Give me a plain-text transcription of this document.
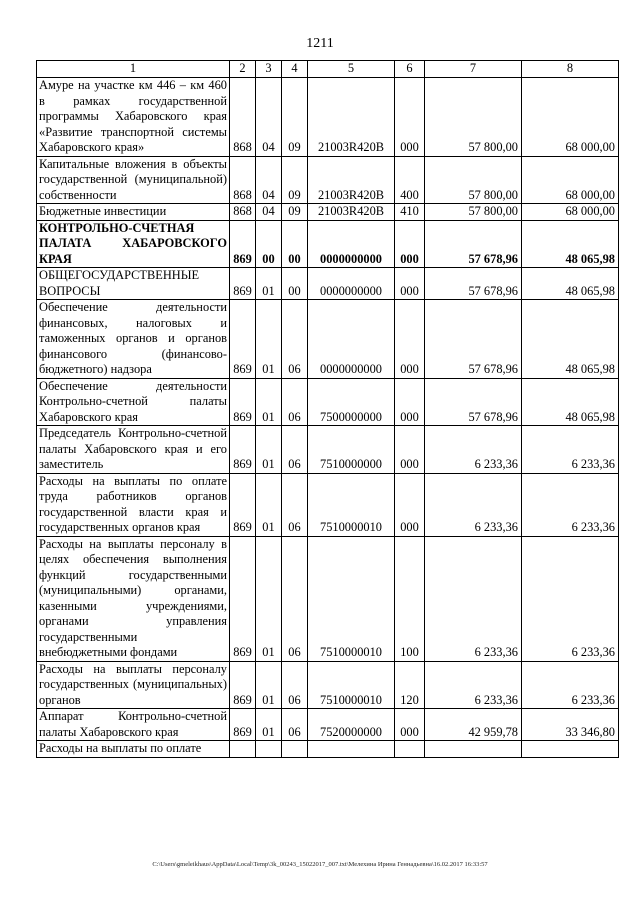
1211
1	2	3	4	5	6	7	8
Амуре на участке км 446 – км 460 в рамках государственной программы Хабаровского края «Развитие транспортной системы Хабаровского края»	868	04	09	21003R420B	000	57 800,00	68 000,00
Капитальные вложения в объекты государственной (муниципальной) собственности	868	04	09	21003R420B	400	57 800,00	68 000,00
Бюджетные инвестиции	868	04	09	21003R420B	410	57 800,00	68 000,00
КОНТРОЛЬНО-СЧЕТНАЯ ПАЛАТА ХАБАРОВСКОГО КРАЯ	869	00	00	0000000000	000	57 678,96	48 065,98
ОБЩЕГОСУДАРСТВЕННЫЕ ВОПРОСЫ	869	01	00	0000000000	000	57 678,96	48 065,98
Обеспечение деятельности финансовых, налоговых и таможенных органов и органов финансового (финансово-бюджетного) надзора	869	01	06	0000000000	000	57 678,96	48 065,98
Обеспечение деятельности Контрольно-счетной палаты Хабаровского края	869	01	06	7500000000	000	57 678,96	48 065,98
Председатель Контрольно-счетной палаты Хабаровского края и его заместитель	869	01	06	7510000000	000	6 233,36	6 233,36
Расходы на выплаты по оплате труда работников органов государственной власти края и государственных органов края	869	01	06	7510000010	000	6 233,36	6 233,36
Расходы на выплаты персоналу в целях обеспечения выполнения функций государственными (муниципальными) органами, казенными учреждениями, органами управления государственными внебюджетными фондами	869	01	06	7510000010	100	6 233,36	6 233,36
Расходы на выплаты персоналу государственных (муниципальных) органов	869	01	06	7510000010	120	6 233,36	6 233,36
Аппарат Контрольно-счетной палаты Хабаровского края	869	01	06	7520000000	000	42 959,78	33 346,80
Расходы на выплаты по оплате							
C:\Users\gmeleikhaus\AppData\Local\Temp\3k_00243_15022017_007.txt\Мелехина Ирина Геннадьевна\16.02.2017 16:33:57
